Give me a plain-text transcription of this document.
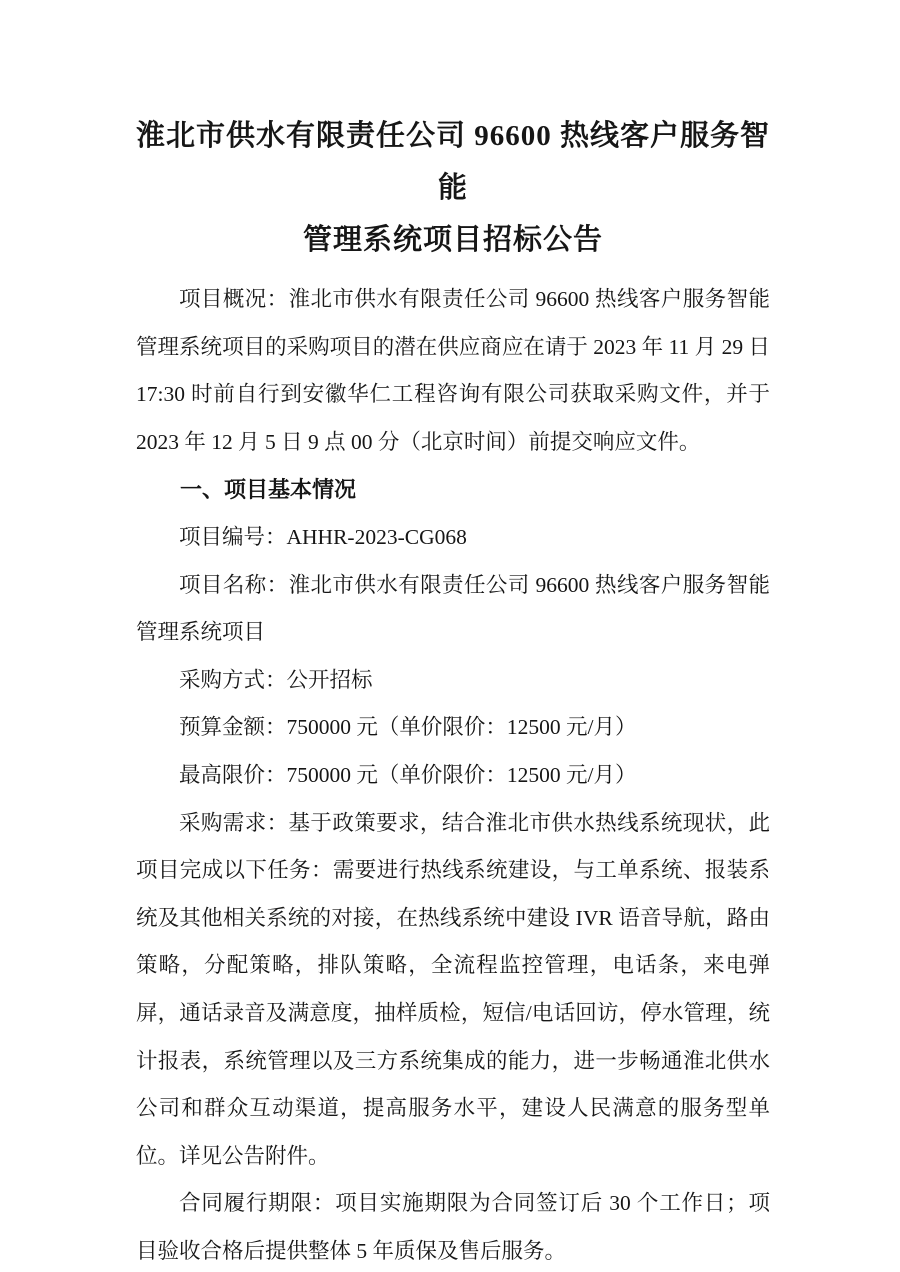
淮北市供水有限责任公司 96600 热线客户服务智能
管理系统项目招标公告

项目概况：淮北市供水有限责任公司 96600 热线客户服务智能管理系统项目的采购项目的潜在供应商应在请于 2023 年 11 月 29 日 17:30 时前自行到安徽华仁工程咨询有限公司获取采购文件，并于 2023 年 12 月 5 日 9 点 00 分（北京时间）前提交响应文件。

一、项目基本情况

项目编号：AHHR-2023-CG068

项目名称：淮北市供水有限责任公司 96600 热线客户服务智能管理系统项目

采购方式：公开招标

预算金额：750000 元（单价限价：12500 元/月）

最高限价：750000 元（单价限价：12500 元/月）

采购需求：基于政策要求，结合淮北市供水热线系统现状，此项目完成以下任务：需要进行热线系统建设，与工单系统、报装系统及其他相关系统的对接，在热线系统中建设 IVR 语音导航，路由策略，分配策略，排队策略，全流程监控管理，电话条，来电弹屏，通话录音及满意度，抽样质检，短信/电话回访，停水管理，统计报表，系统管理以及三方系统集成的能力，进一步畅通淮北供水公司和群众互动渠道，提高服务水平，建设人民满意的服务型单位。详见公告附件。

合同履行期限：项目实施期限为合同签订后 30 个工作日；项目验收合格后提供整体 5 年质保及售后服务。
